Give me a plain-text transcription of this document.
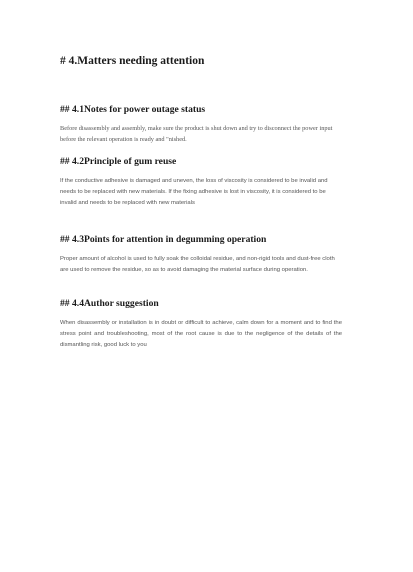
# 4.Matters needing attention
## 4.1Notes for power outage status

Before disassembly and assembly, make sure the product is shut down and try to disconnect the power input before the relevant operation is ready and "nished.

## 4.2Principle of gum reuse

If the conductive adhesive is damaged and uneven, the loss of viscosity is considered to be invalid and needs to be replaced with new materials. If the fixing adhesive is lost in viscosity, it is considered to be invalid and needs to be replaced with new materials

## 4.3Points for attention in degumming operation

Proper amount of alcohol is used to fully soak the colloidal residue, and non-rigid tools and dust-free cloth are used to remove the residue, so as to avoid damaging the material surface during operation.

## 4.4Author suggestion

When disassembly or installation is in doubt or difficult to achieve, calm down for a moment and to find the stress point and troubleshooting, most of the root cause is due to the negligence of the details of the dismantling risk, good luck to you
